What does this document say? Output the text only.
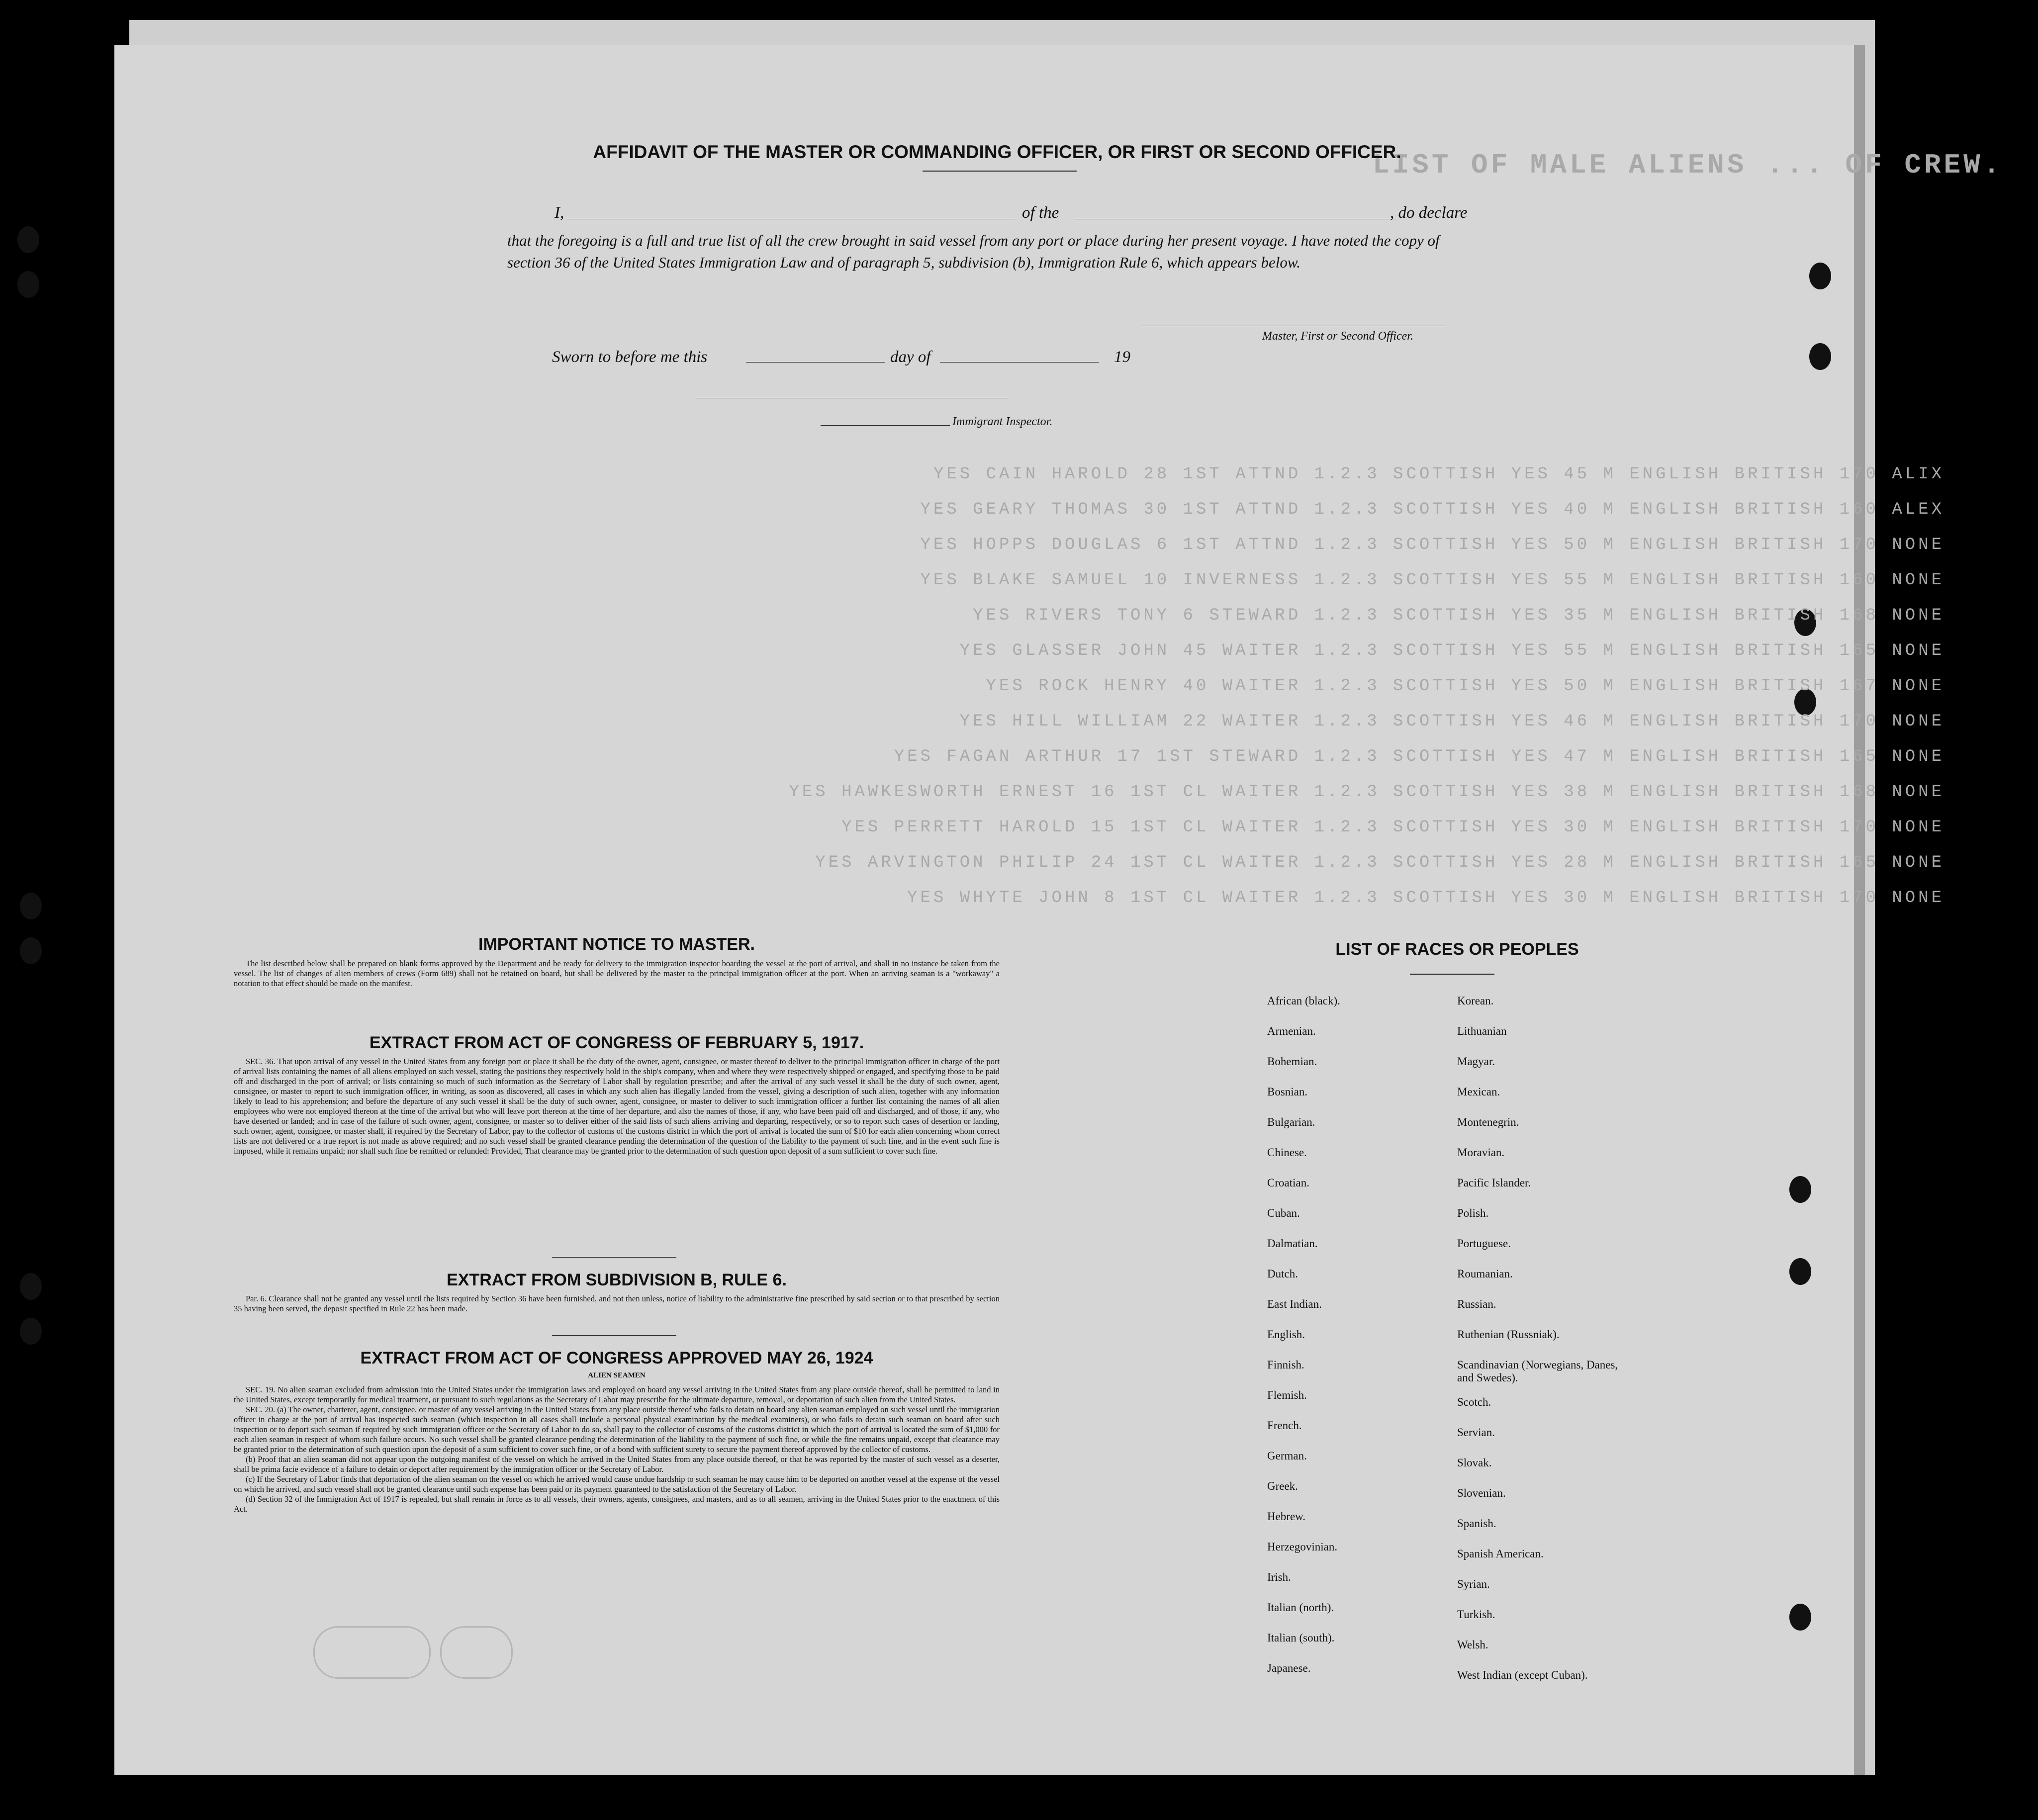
LIST OF MALE ALIENS ... OF CREW.
YES CAIN HAROLD 28 1ST ATTND 1.2.3 SCOTTISH YES 45 M ENGLISH BRITISH 170 ALIX
YES GEARY THOMAS 30 1ST ATTND 1.2.3 SCOTTISH YES 40 M ENGLISH BRITISH 160 ALEX
YES HOPPS DOUGLAS 6 1ST ATTND 1.2.3 SCOTTISH YES 50 M ENGLISH BRITISH 170 NONE
YES BLAKE SAMUEL 10 INVERNESS 1.2.3 SCOTTISH YES 55 M ENGLISH BRITISH 160 NONE
YES RIVERS TONY 6 STEWARD 1.2.3 SCOTTISH YES 35 M ENGLISH BRITISH 168 NONE
YES GLASSER JOHN 45 WAITER 1.2.3 SCOTTISH YES 55 M ENGLISH BRITISH 165 NONE
YES ROCK HENRY 40 WAITER 1.2.3 SCOTTISH YES 50 M ENGLISH BRITISH 167 NONE
YES HILL WILLIAM 22 WAITER 1.2.3 SCOTTISH YES 46 M ENGLISH BRITISH 170 NONE
YES FAGAN ARTHUR 17 1ST STEWARD 1.2.3 SCOTTISH YES 47 M ENGLISH BRITISH 165 NONE
YES HAWKESWORTH ERNEST 16 1ST CL WAITER 1.2.3 SCOTTISH YES 38 M ENGLISH BRITISH 168 NONE
YES PERRETT HAROLD 15 1ST CL WAITER 1.2.3 SCOTTISH YES 30 M ENGLISH BRITISH 170 NONE
YES ARVINGTON PHILIP 24 1ST CL WAITER 1.2.3 SCOTTISH YES 28 M ENGLISH BRITISH 165 NONE
YES WHYTE JOHN 8 1ST CL WAITER 1.2.3 SCOTTISH YES 30 M ENGLISH BRITISH 170 NONE
AFFIDAVIT OF THE MASTER OR COMMANDING OFFICER, OR FIRST OR SECOND OFFICER.
I,	of the	, do declare
that the foregoing is a full and true list of all the crew brought in said vessel from any port or place during her present voyage. I have noted the copy of section 36 of the United States Immigration Law and of paragraph 5, subdivision (b), Immigration Rule 6, which appears below.
Master, First or Second Officer.
Sworn to before me this	day of	19
Immigrant Inspector.
IMPORTANT NOTICE TO MASTER.

The list described below shall be prepared on blank forms approved by the Department and be ready for delivery to the immigration inspector boarding the vessel at the port of arrival, and shall in no instance be taken from the vessel. The list of changes of alien members of crews (Form 689) shall not be retained on board, but shall be delivered by the master to the principal immigration officer at the port. When an arriving seaman is a "workaway" a notation to that effect should be made on the manifest.

EXTRACT FROM ACT OF CONGRESS OF FEBRUARY 5, 1917.

SEC. 36. That upon arrival of any vessel in the United States from any foreign port or place it shall be the duty of the owner, agent, consignee, or master thereof to deliver to the principal immigration officer in charge of the port of arrival lists containing the names of all aliens employed on such vessel, stating the positions they respectively hold in the ship's company, when and where they were respectively shipped or engaged, and specifying those to be paid off and discharged in the port of arrival; or lists containing so much of such information as the Secretary of Labor shall by regulation prescribe; and after the arrival of any such vessel it shall be the duty of such owner, agent, consignee, or master to report to such immigration officer, in writing, as soon as discovered, all cases in which any such alien has illegally landed from the vessel, giving a description of such alien, together with any information likely to lead to his apprehension; and before the departure of any such vessel it shall be the duty of such owner, agent, consignee, or master to deliver to such immigration officer a further list containing the names of all alien employees who were not employed thereon at the time of the arrival but who will leave port thereon at the time of her departure, and also the names of those, if any, who have been paid off and discharged, and of those, if any, who have deserted or landed; and in case of the failure of such owner, agent, consignee, or master so to deliver either of the said lists of such aliens arriving and departing, respectively, or so to report such cases of desertion or landing, such owner, agent, consignee, or master shall, if required by the Secretary of Labor, pay to the collector of customs of the customs district in which the port of arrival is located the sum of $10 for each alien concerning whom correct lists are not delivered or a true report is not made as above required; and no such vessel shall be granted clearance pending the determination of the question of the liability to the payment of such fine, and in the event such fine is imposed, while it remains unpaid; nor shall such fine be remitted or refunded: Provided, That clearance may be granted prior to the determination of such question upon deposit of a sum sufficient to cover such fine.

EXTRACT FROM SUBDIVISION B, RULE 6.

Par. 6. Clearance shall not be granted any vessel until the lists required by Section 36 have been furnished, and not then unless, notice of liability to the administrative fine prescribed by said section or to that prescribed by section 35 having been served, the deposit specified in Rule 22 has been made.

EXTRACT FROM ACT OF CONGRESS APPROVED MAY 26, 1924
ALIEN SEAMEN

SEC. 19. No alien seaman excluded from admission into the United States under the immigration laws and employed on board any vessel arriving in the United States from any place outside thereof, shall be permitted to land in the United States, except temporarily for medical treatment, or pursuant to such regulations as the Secretary of Labor may prescribe for the ultimate departure, removal, or deportation of such alien from the United States.

SEC. 20. (a) The owner, charterer, agent, consignee, or master of any vessel arriving in the United States from any place outside thereof who fails to detain on board any alien seaman employed on such vessel until the immigration officer in charge at the port of arrival has inspected such seaman (which inspection in all cases shall include a personal physical examination by the medical examiners), or who fails to detain such seaman on board after such inspection or to deport such seaman if required by such immigration officer or the Secretary of Labor to do so, shall pay to the collector of customs of the customs district in which the port of arrival is located the sum of $1,000 for each alien seaman in respect of whom such failure occurs. No such vessel shall be granted clearance pending the determination of the liability to the payment of such fine, or while the fine remains unpaid, except that clearance may be granted prior to the determination of such question upon the deposit of a sum sufficient to cover such fine, or of a bond with sufficient surety to secure the payment thereof approved by the collector of customs.

(b) Proof that an alien seaman did not appear upon the outgoing manifest of the vessel on which he arrived in the United States from any place outside thereof, or that he was reported by the master of such vessel as a deserter, shall be prima facie evidence of a failure to detain or deport after requirement by the immigration officer or the Secretary of Labor.

(c) If the Secretary of Labor finds that deportation of the alien seaman on the vessel on which he arrived would cause undue hardship to such seaman he may cause him to be deported on another vessel at the expense of the vessel on which he arrived, and such vessel shall not be granted clearance until such expense has been paid or its payment guaranteed to the satisfaction of the Secretary of Labor.

(d) Section 32 of the Immigration Act of 1917 is repealed, but shall remain in force as to all vessels, their owners, agents, consignees, and masters, and as to all seamen, arriving in the United States prior to the enactment of this Act.

LIST OF RACES OR PEOPLES
African (black).
Armenian.
Bohemian.
Bosnian.
Bulgarian.
Chinese.
Croatian.
Cuban.
Dalmatian.
Dutch.
East Indian.
English.
Finnish.
Flemish.
French.
German.
Greek.
Hebrew.
Herzegovinian.
Irish.
Italian (north).
Italian (south).
Japanese.
Korean.
Lithuanian
Magyar.
Mexican.
Montenegrin.
Moravian.
Pacific Islander.
Polish.
Portuguese.
Roumanian.
Russian.
Ruthenian (Russniak).
Scandinavian (Norwegians, Danes, and Swedes).
Scotch.
Servian.
Slovak.
Slovenian.
Spanish.
Spanish American.
Syrian.
Turkish.
Welsh.
West Indian (except Cuban).
